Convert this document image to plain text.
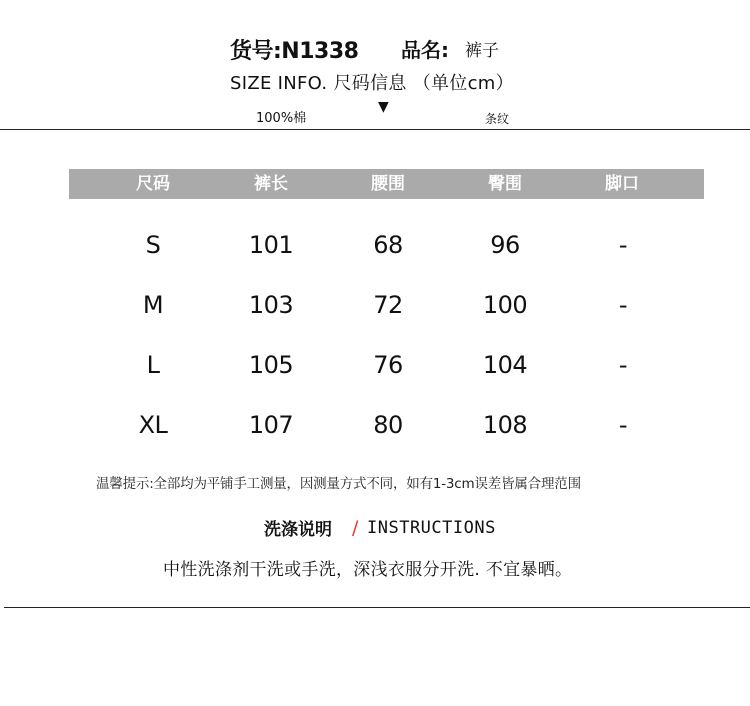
货号:N1338 品名: 裤子
SIZE INFO. 尺码信息 （单位cm）
100%棉
▼
条纹
尺码	裤长	腰围	臀围	脚口
S	101	68	96	-
M	103	72	100	-
L	105	76	104	-
XL	107	80	108	-
温馨提示:全部均为平铺手工测量，因测量方式不同，如有1-3cm误差皆属合理范围
洗涤说明 / INSTRUCTIONS
中性洗涤剂干洗或手洗，深浅衣服分开洗. 不宜暴晒。
